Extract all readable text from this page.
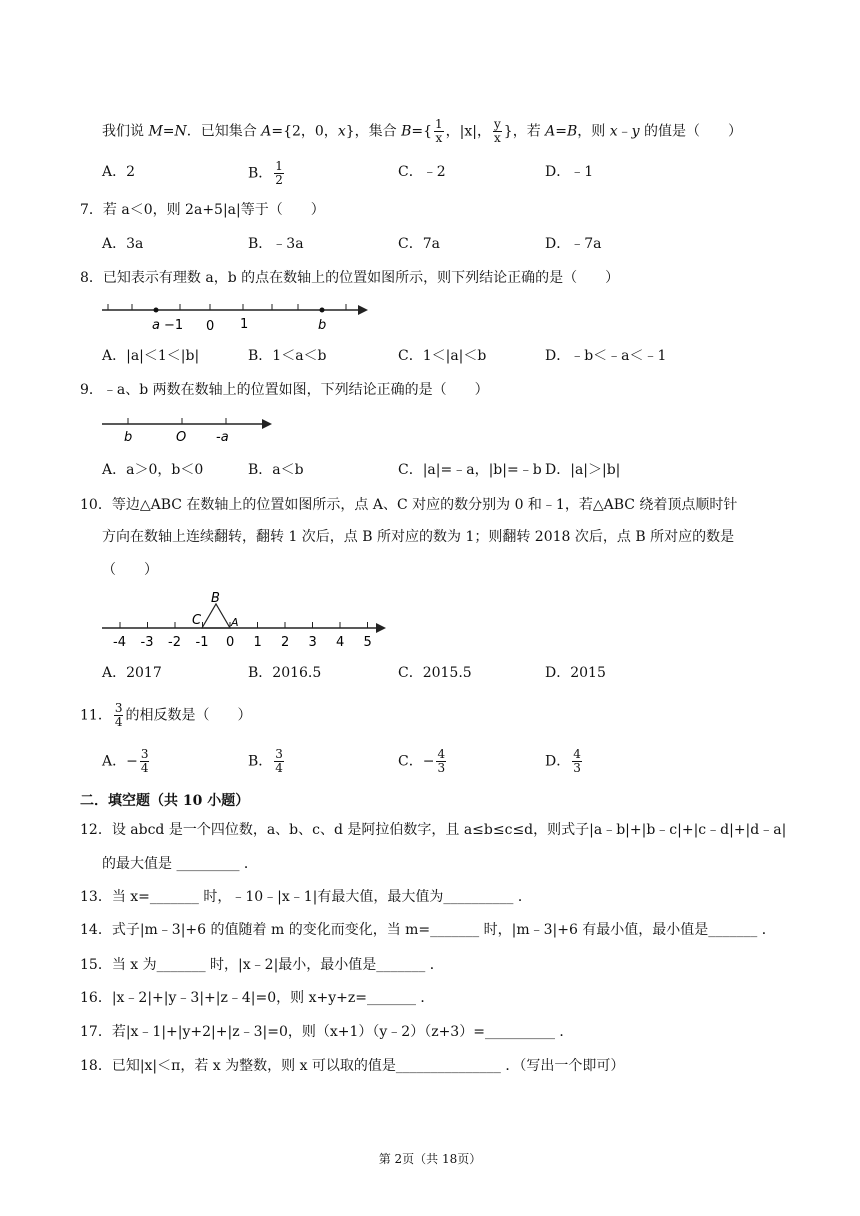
我们说 M=N．已知集合 A={2，0，x}，集合 $B=\{ \frac{1}{x}$ ，|x|， $\frac{y}{x}$ }，若 A=B，则 x﹣y 的值是（　　）
A．2	B． $\frac{1}{2}$	C．﹣2	D．﹣1
7．若 a＜0，则 2a+5|a|等于（　　）
A．3a	B．﹣3a	C．7a	D．﹣7a
8．已知表示有理数 a，b 的点在数轴上的位置如图所示，则下列结论正确的是（　　）
a −1 0 1	b
A．|a|＜1＜|b|	B．1＜a＜b	C．1＜|a|＜b	D．﹣b＜﹣a＜﹣1
9．﹣a、b 两数在数轴上的位置如图，下列结论正确的是（　　）
b	O -a
A．a＞0，b＜0	B．a＜b	C．|a|=﹣a，|b|=﹣b D．|a|＞|b|
10．等边△ABC 在数轴上的位置如图所示，点 A、C 对应的数分别为 0 和﹣1，若△ABC 绕着顶点顺时针
方向在数轴上连续翻转，翻转 1 次后，点 B 所对应的数为 1；则翻转 2018 次后，点 B 所对应的数是
（　　）
-4 -3 -2 -1 0 1 2 3 4 5
B
C	A
A．2017	B．2016.5	C．2015.5	D．2015
11． $\frac{3}{4}$ 的相反数是（　　）
A．− $\frac{3}{4}$	B． $\frac{3}{4}$	C．− $\frac{4}{3}$	D． $\frac{4}{3}$
二．填空题（共 10 小题）
12．设 abcd 是一个四位数，a、b、c、d 是阿拉伯数字，且 a≤b≤c≤d，则式子|a﹣b|+|b﹣c|+|c﹣d|+|d﹣a|
的最大值是 _________ ．
13．当 x=_______ 时，﹣10﹣|x﹣1|有最大值，最大值为__________ ．
14．式子|m﹣3|+6 的值随着 m 的变化而变化，当 m=_______ 时，|m﹣3|+6 有最小值，最小值是_______ ．
15．当 x 为_______ 时，|x﹣2|最小，最小值是_______ ．
16．|x﹣2|+|y﹣3|+|z﹣4|=0，则 x+y+z=_______ ．
17．若|x﹣1|+|y+2|+|z﹣3|=0，则（x+1）（y﹣2）（z+3）=__________ ．
18．已知|x|＜π，若 x 为整数，则 x 可以取的值是_______________ ．（写出一个即可）
第 2页（共 18页）
